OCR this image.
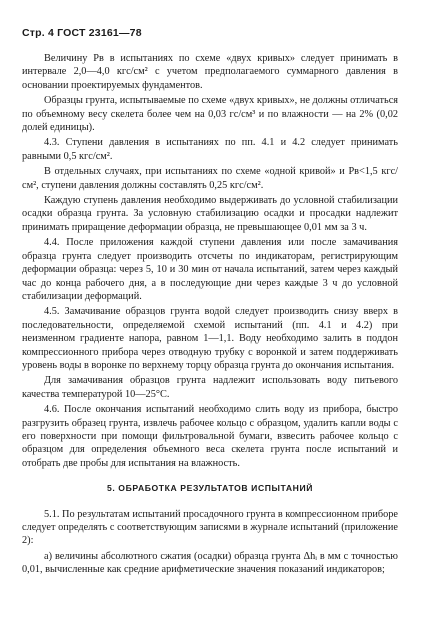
Стр. 4 ГОСТ 23161—78

Величину Pв в испытаниях по схеме «двух кривых» следует принимать в интервале 2,0—4,0 кгс/см² с учетом предполагаемого суммарного давления в основании проектируемых фундаментов.

Образцы грунта, испытываемые по схеме «двух кривых», не должны отличаться по объемному весу скелета более чем на 0,03 гс/см³ и по влажности — на 2% (0,02 долей единицы).

4.3. Ступени давления в испытаниях по пп. 4.1 и 4.2 следует принимать равными 0,5 кгс/см².

В отдельных случаях, при испытаниях по схеме «одной кривой» и Pв<1,5 кгс/см², ступени давления должны составлять 0,25 кгс/см².

Каждую ступень давления необходимо выдерживать до условной стабилизации осадки образца грунта. За условную стабилизацию осадки и просадки надлежит принимать приращение деформации образца, не превышающее 0,01 мм за 3 ч.

4.4. После приложения каждой ступени давления или после замачивания образца грунта следует производить отсчеты по индикаторам, регистрирующим деформации образца: через 5, 10 и 30 мин от начала испытаний, затем через каждый час до конца рабочего дня, а в последующие дни через каждые 3 ч до условной стабилизации деформаций.

4.5. Замачивание образцов грунта водой следует производить снизу вверх в последовательности, определяемой схемой испытаний (пп. 4.1 и 4.2) при неизменном градиенте напора, равном 1—1,1. Воду необходимо залить в поддон компрессионного прибора через отводную трубку с воронкой и затем поддерживать уровень воды в воронке по верхнему торцу образца грунта до окончания испытания.

Для замачивания образцов грунта надлежит использовать воду питьевого качества температурой 10—25°С.

4.6. После окончания испытаний необходимо слить воду из прибора, быстро разгрузить образец грунта, извлечь рабочее кольцо с образцом, удалить капли воды с его поверхности при помощи фильтровальной бумаги, взвесить рабочее кольцо с образцом для определения объемного веса скелета грунта после испытаний и отобрать две пробы для испытания на влажность.

5. ОБРАБОТКА РЕЗУЛЬТАТОВ ИСПЫТАНИЙ

5.1. По результатам испытаний просадочного грунта в компрессионном приборе следует определять с соответствующим записями в журнале испытаний (приложение 2):

а) величины абсолютного сжатия (осадки) образца грунта Δhᵢ в мм с точностью 0,01, вычисленные как средние арифметические значения показаний индикаторов;
